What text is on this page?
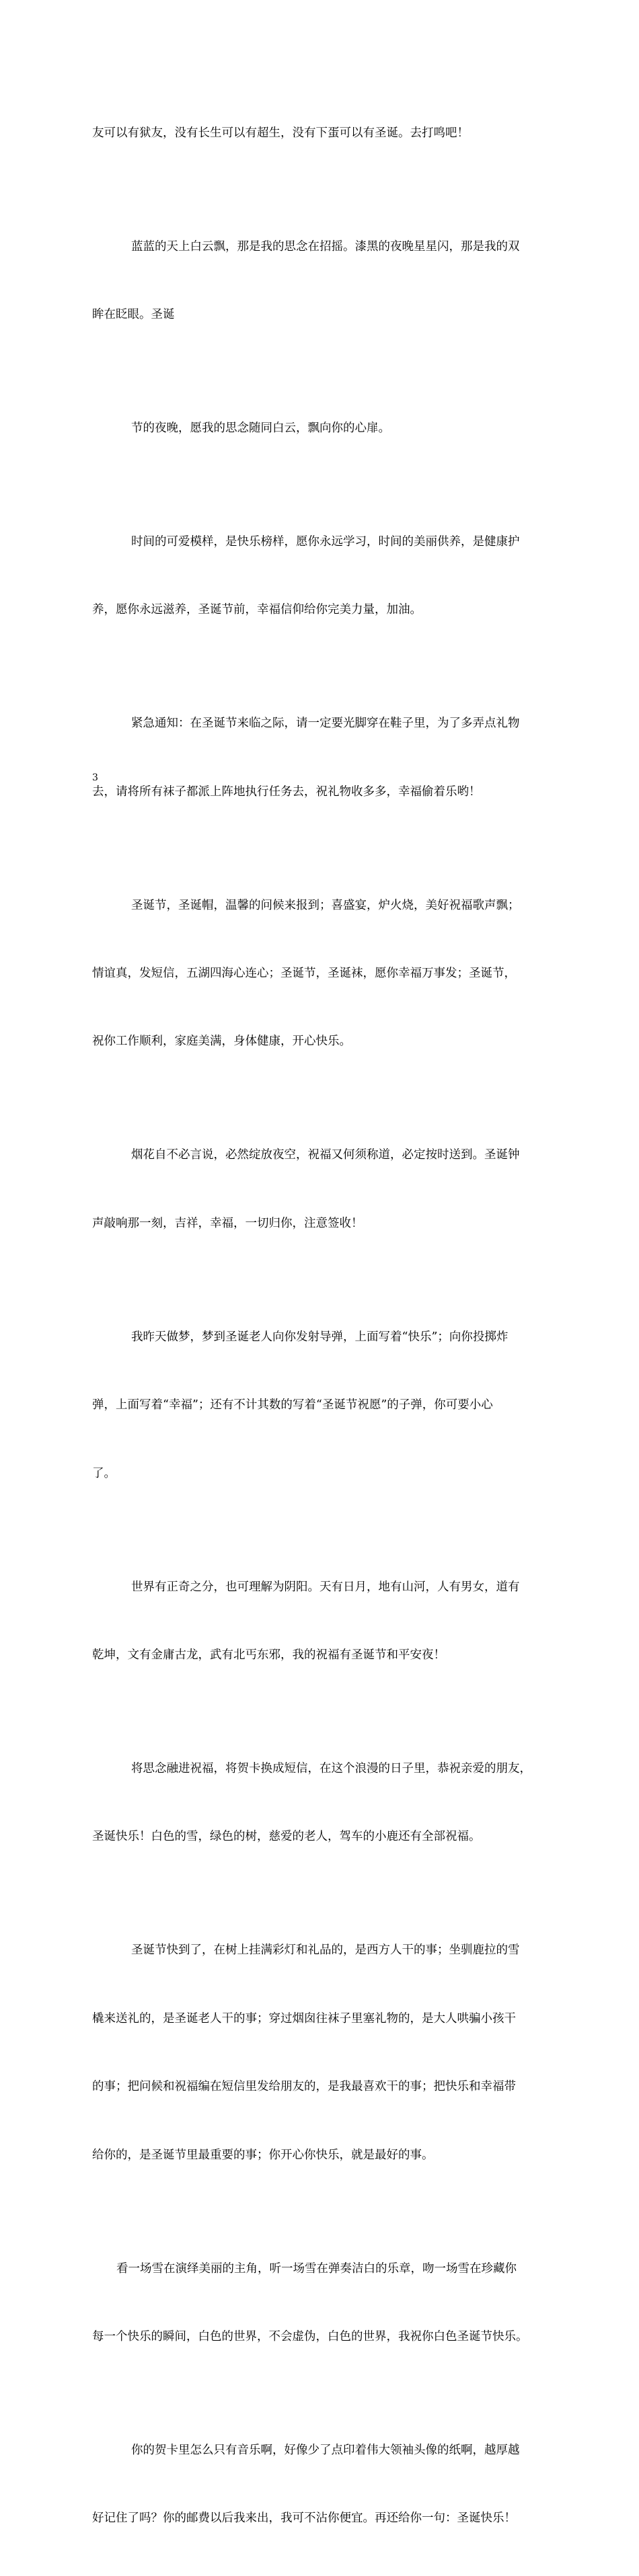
友可以有狱友，没有长生可以有超生，没有下蛋可以有圣诞。去打鸣吧！

蓝蓝的天上白云飘，那是我的思念在招摇。漆黑的夜晚星星闪，那是我的双

眸在眨眼。圣诞

节的夜晚，愿我的思念随同白云，飘向你的心扉。

时间的可爱模样，是快乐榜样，愿你永远学习，时间的美丽供养，是健康护

养，愿你永远滋养，圣诞节前，幸福信仰给你完美力量，加油。

紧急通知：在圣诞节来临之际，请一定要光脚穿在鞋子里，为了多弄点礼物

去，请将所有袜子都派上阵地执行任务去，祝礼物收多多，幸福偷着乐哟！

圣诞节，圣诞帽，温馨的问候来报到；喜盛宴，炉火烧，美好祝福歌声飘；

情谊真，发短信，五湖四海心连心；圣诞节，圣诞袜，愿你幸福万事发；圣诞节，

祝你工作顺利，家庭美满，身体健康，开心快乐。

烟花自不必言说，必然绽放夜空，祝福又何须称道，必定按时送到。圣诞钟

声敲响那一刻，吉祥，幸福，一切归你，注意签收！

我昨天做梦，梦到圣诞老人向你发射导弹，上面写着“快乐”；向你投掷炸

弹，上面写着“幸福”；还有不计其数的写着“圣诞节祝愿”的子弹，你可要小心

了。

世界有正奇之分，也可理解为阴阳。天有日月，地有山河，人有男女，道有

乾坤，文有金庸古龙，武有北丐东邪，我的祝福有圣诞节和平安夜！

将思念融进祝福，将贺卡换成短信，在这个浪漫的日子里，恭祝亲爱的朋友，

圣诞快乐！白色的雪，绿色的树，慈爱的老人，驾车的小鹿还有全部祝福。

圣诞节快到了，在树上挂满彩灯和礼品的，是西方人干的事；坐驯鹿拉的雪

橇来送礼的，是圣诞老人干的事；穿过烟囱往袜子里塞礼物的，是大人哄骗小孩干

的事；把问候和祝福编在短信里发给朋友的，是我最喜欢干的事；把快乐和幸福带

给你的，是圣诞节里最重要的事；你开心你快乐，就是最好的事。

看一场雪在演绎美丽的主角，听一场雪在弹奏洁白的乐章，吻一场雪在珍藏你

每一个快乐的瞬间，白色的世界，不会虚伪，白色的世界，我祝你白色圣诞节快乐。

你的贺卡里怎么只有音乐啊，好像少了点印着伟大领袖头像的纸啊，越厚越

好记住了吗？你的邮费以后我来出，我可不沾你便宜。再还给你一句：圣诞快乐！

3
